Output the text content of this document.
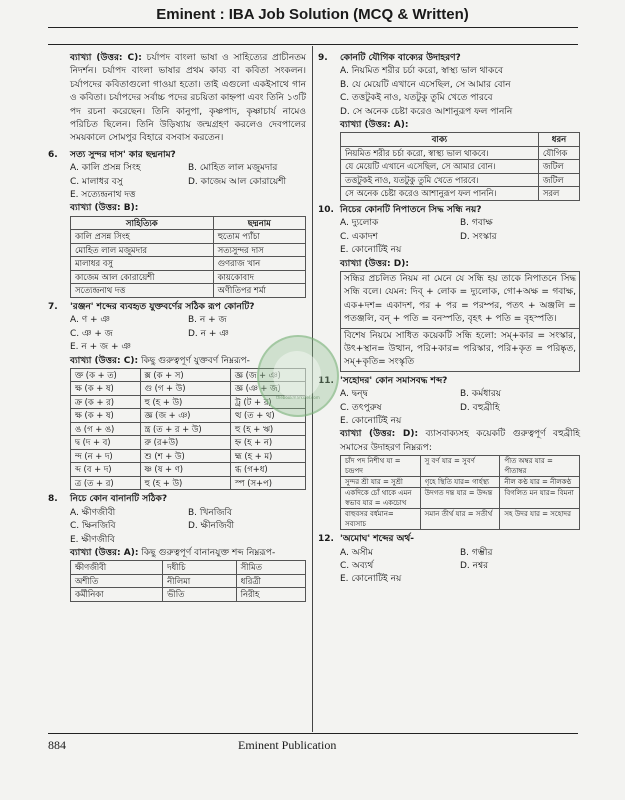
Eminent : IBA Job Solution (MCQ & Written)
ব্যাখ্যা (উত্তর: C): চর্যাপদ বাংলা ভাষা ও সাহিত্যের প্রাচীনতম নিদর্শন। চর্যাপদ বাংলা ভাষার প্রথম কাব্য বা কবিতা সংকলন। চর্যাপদের কবিতাগুলো গাওয়া হতো। তাই এগুলো একইসাথে গান ও কবিতা। চর্যাপদের সর্বাচ্চ পদের রচয়িতা কাহ্নপা এবং তিনি ১৩টি পদ রচনা করেছেন। তিনি কানুপা, কৃষ্ণপাদ, কৃষ্ণাচার্য নামেও পরিচিত ছিলেন। তিনি উড়িষ্যায় জন্মগ্রহণ করলেও দেবপালের সময়কালে সোমপুর বিহারে বসবাস করতেন।
6. সত্য সুন্দর দাস' কার ছদ্মনাম?
A. কালি প্রসন্ন সিংহ	B. মোহিত লাল মজুমদার
C. মালাধর বসু	D. কাজেম আল কোরায়েশী
E. সত্যেন্দ্রনাথ দত্ত
ব্যাখ্যা (উত্তর: B):
সাহিত্যিক	ছদ্মনাম
কালি প্রসন্ন সিংহ	হুতোম প্যাঁচা
মোহিত লাল মজুমদার	সত্যসুন্দর দাস
মালাধর বসু	গুণরাজ খান
কাজেম আল কোরায়েশী	কায়কোবাদ
সত্যেন্দ্রনাথ দত্ত	অণীতিপর শর্মা
7. 'রঞ্জন' শব্দের ব্যবহৃত যুক্তবর্ণের সঠিক রূপ কোনটি?
A. ণ + ঞ	B. ন + জ
C. ঞ + জ	D. ন + ঞ
E. ন + জ + ঞ
ব্যাখ্যা (উত্তর: C): কিছু গুরুত্বপূর্ণ যুক্তবর্ণ নিম্নরূপ-
ক্ত (ক + ত)	ক্স (ক + স)	জ্ঞ (জ + ঞ)
ক্ষ (ক + ষ)	গু (গ + উ)	জ্ঞ (ঞ + জ)
ক্র (ক + র)	হু (হ + উ)	ট্র (ট + র)
ক্ষ (ক + ষ)	জ্ঞ (জ + ঞ)	ত্থ (ত + থ)
ঙ (গ + ঙ)	ন্ত্র (ত + র + উ)	হু (হ + ঋ)
দ্ব (দ + ব)	রু (র+উ)	হ্ন (হ + ন)
ন্দ (ন + দ)	শু (শ + উ)	হ্ম (হ + ম)
ব্দ (ব + দ)	ষ্ণ (ষ + ণ)	গ্ধ (গ+ধ)
ত্র (ত + র)	হু (হ + উ)	স্প (স+প)
8. নিচে কোন বানানটি সঠিক?
A. ক্ষীণজীবী	B. খিনজিবি
C. ক্ষিনজিবি	D. ক্ষীনজিবী
E. ক্ষীণজীবি
ব্যাখ্যা (উত্তর: A): কিছু গুরুত্বপূর্ণ বানানযুক্ত শব্দ নিম্নরূপ-
ক্ষীণজীবী	দধীচি	সীমিত
অশীতি	নীলিমা	ধরিত্রী
কর্মীনিকা	ভীতি	নিরীহ
9. কোনটি যৌগিক বাক্যের উদাহরণ?
A. নিয়মিত শরীর চর্চা করো, স্বাস্থ্য ভাল থাকবে
B. যে মেয়েটি এখানে এসেছিল, সে আমার বোন
C. তত্তটুকই নাও, যতটুকু তুমি খেতে পারবে
D. সে অনেক চেষ্টা করেও আশানুরূপ ফল পাননি
ব্যাখ্যা (উত্তর: A):
বাক্য	ধরন
নিয়মিত শরীর চর্চা করো, স্বাস্থ্য ভাল থাকবে।	যৌগিক
যে মেয়েটি এখানে এসেছিল, সে আমার বোন।	জটিল
তত্তটুকই নাও, যতটুকু তুমি খেতে পারবে।	জটিল
সে অনেক চেষ্টা করেও আশানুরূপ ফল পাননি।	সরল
10. নিচের কোনটি নিপাতনে সিদ্ধ সন্ধি নয়?
A. দ্যুলোক	B. গবাক্ষ
C. একাদশ	D. সংস্কার
E. কোনোটিই নয়
ব্যাখ্যা (উত্তর: D):
সন্ধির প্রচলিত নিয়ম না মেনে যে সন্ধি হয় তাকে নিপাতনে সিদ্ধ সন্ধি বলে। যেমন: দিব্ + লোক = দ্যুলোক, গো+অক্ষ = গবাক্ষ, এক+দশ= একাদশ, পর + পর = পরম্পর, পতৎ + অঞ্জলি = পতঞ্জলি, বন্ + পতি = বনস্পতি, বৃহৎ + পতি = বৃহস্পতি।
বিশেষ নিয়মে সাধিত কয়েকটি সন্ধি হলো: সম্+কার = সংস্কার, উৎ+স্থান= উত্থান, পরি+কার= পরিস্কার, পরি+কৃত = পরিষ্কৃত, সম্+কৃতি= সংস্কৃতি
11. 'সহোদর' কোন সমাসবদ্ধ শব্দ?
A. দ্বন্দ্ব	B. কর্মধারয়
C. তৎপুরুষ	D. বহুব্রীহি
E. কোনোটিই নয়
ব্যাখ্যা (উত্তর: D): ব্যাসবাক্যসহ কয়েকটি গুরুত্বপূর্ণ বহুব্রীহি সমাসের উদাহরণ নিম্নরূপ:
চাঁদ পদ নিশীথ যা = চন্দ্রপদ	সু বর্ণ যার = সুবর্ণ	পীত অম্বর যার = পীতাম্বর
সুন্দর শ্রী যার = সুশ্রী	গৃহে স্থিতি যার= গার্হস্থ্য	নীল কণ্ঠ যার = নীলকণ্ঠ
একদিকে চোঁ থাকে এমন স্বভাব যার = একচোখ	উদগত দন্ত যার = উদ্দন্ত	বিগলিত মন যার= বিমনা
বাহুবসর বর্ধমান= সব্যসাচ	সমান তীর্থ যার = সতীর্থ	সহ উদর যার = সহোদর
12. 'অমোঘ' শব্দের অর্থ-
A. অসীম	B. গম্ভীর
C. অব্যর্থ	D. নশ্বর
E. কোনোটিই নয়
thebookmarksfel.com
884	Eminent Publication
